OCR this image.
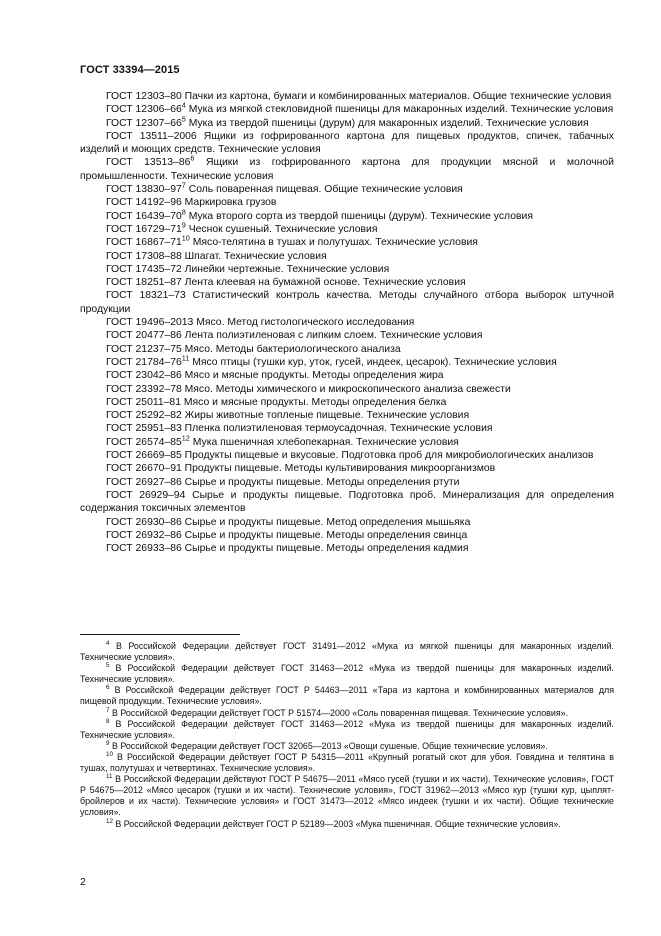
ГОСТ 33394—2015

ГОСТ 12303–80 Пачки из картона, бумаги и комбинированных материалов. Общие технические условия

ГОСТ $12306-66^4$ Мука из мягкой стекловидной пшеницы для макаронных изделий. Технические условия

ГОСТ $12307-66^5$ Мука из твердой пшеницы (дурум) для макаронных изделий. Технические условия

ГОСТ 13511–2006 Ящики из гофрированного картона для пищевых продуктов, спичек, табачных изделий и моющих средств. Технические условия

ГОСТ $13513-86^6$ Ящики из гофрированного картона для продукции мясной и молочной промышленности. Технические условия

ГОСТ $13830-97^7$ Соль поваренная пищевая. Общие технические условия

ГОСТ 14192–96 Маркировка грузов

ГОСТ $16439-70^8$ Мука второго сорта из твердой пшеницы (дурум). Технические условия

ГОСТ $16729-71^9$ Чеснок сушеный. Технические условия

ГОСТ $16867-71^{10}$ Мясо-телятина в тушах и полутушах. Технические условия

ГОСТ 17308–88 Шпагат. Технические условия

ГОСТ 17435–72 Линейки чертежные. Технические условия

ГОСТ 18251–87 Лента клеевая на бумажной основе. Технические условия

ГОСТ 18321–73 Статистический контроль качества. Методы случайного отбора выборок штучной продукции

ГОСТ 19496–2013 Мясо. Метод гистологического исследования

ГОСТ 20477–86 Лента полиэтиленовая с липким слоем. Технические условия

ГОСТ 21237–75 Мясо. Методы бактериологического анализа

ГОСТ $21784-76^{11}$ Мясо птицы (тушки кур, уток, гусей, индеек, цесарок). Технические условия

ГОСТ 23042–86 Мясо и мясные продукты. Методы определения жира

ГОСТ 23392–78 Мясо. Методы химического и микроскопического анализа свежести

ГОСТ 25011–81 Мясо и мясные продукты. Методы определения белка

ГОСТ 25292–82 Жиры животные топленые пищевые. Технические условия

ГОСТ 25951–83 Пленка полиэтиленовая термоусадочная. Технические условия

ГОСТ $26574-85^{12}$ Мука пшеничная хлебопекарная. Технические условия

ГОСТ 26669–85 Продукты пищевые и вкусовые. Подготовка проб для микробиологических анализов

ГОСТ 26670–91 Продукты пищевые. Методы культивирования микроорганизмов

ГОСТ 26927–86 Сырье и продукты пищевые. Методы определения ртути

ГОСТ 26929–94 Сырье и продукты пищевые. Подготовка проб. Минерализация для определения содержания токсичных элементов

ГОСТ 26930–86 Сырье и продукты пищевые. Метод определения мышьяка

ГОСТ 26932–86 Сырье и продукты пищевые. Методы определения свинца

ГОСТ 26933–86 Сырье и продукты пищевые. Методы определения кадмия

$^4$ В Российской Федерации действует ГОСТ 31491—2012 «Мука из мягкой пшеницы для макаронных изделий. Технические условия».

$^5$ В Российской Федерации действует ГОСТ 31463—2012 «Мука из твердой пшеницы для макаронных изделий. Технические условия».

$^6$ В Российской Федерации действует ГОСТ Р 54463—2011 «Тара из картона и комбинированных материалов для пищевой продукции. Технические условия».

$^7$ В Российской Федерации действует ГОСТ Р 51574—2000 «Соль поваренная пищевая. Технические условия».

$^8$ В Российской Федерации действует ГОСТ 31463—2012 «Мука из твердой пшеницы для макаронных изделий. Технические условия».

$^9$ В Российской Федерации действует ГОСТ 32065—2013 «Овощи сушеные. Общие технические условия».

$^{10}$ В Российской Федерации действует ГОСТ Р 54315—2011 «Крупный рогатый скот для убоя. Говядина и телятина в тушах, полутушах и четвертинах. Технические условия».

$^{11}$ В Российской Федерации действуют ГОСТ Р 54675—2011 «Мясо гусей (тушки и их части). Технические условия», ГОСТ Р 54675—2012 «Мясо цесарок (тушки и их части). Технические условия», ГОСТ 31962—2013 «Мясо кур (тушки кур, цыплят-бройлеров и их части). Технические условия» и ГОСТ 31473—2012 «Мясо индеек (тушки и их части). Общие технические условия».

$^{12}$ В Российской Федерации действует ГОСТ Р 52189—2003 «Мука пшеничная. Общие технические условия».

2
